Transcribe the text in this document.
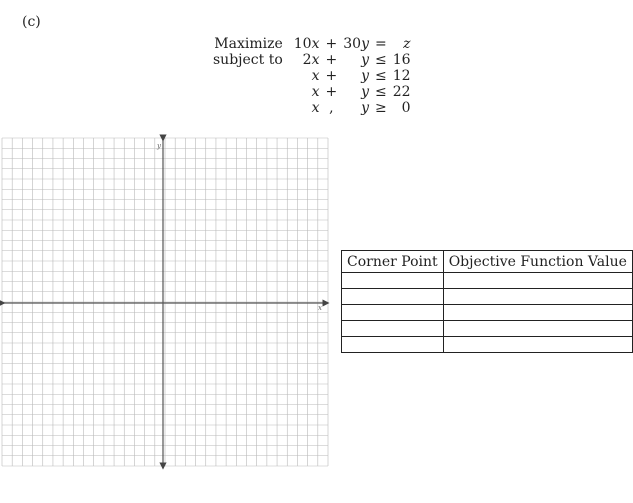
(c)
Maximize	10x	+	30y	=	z
subject to	2x	+	y	≤	16
	x	+	y	≤	12
	x	+	y	≤	22
	x	,	y	≥	0
x
y
Corner Point	Objective Function Value
